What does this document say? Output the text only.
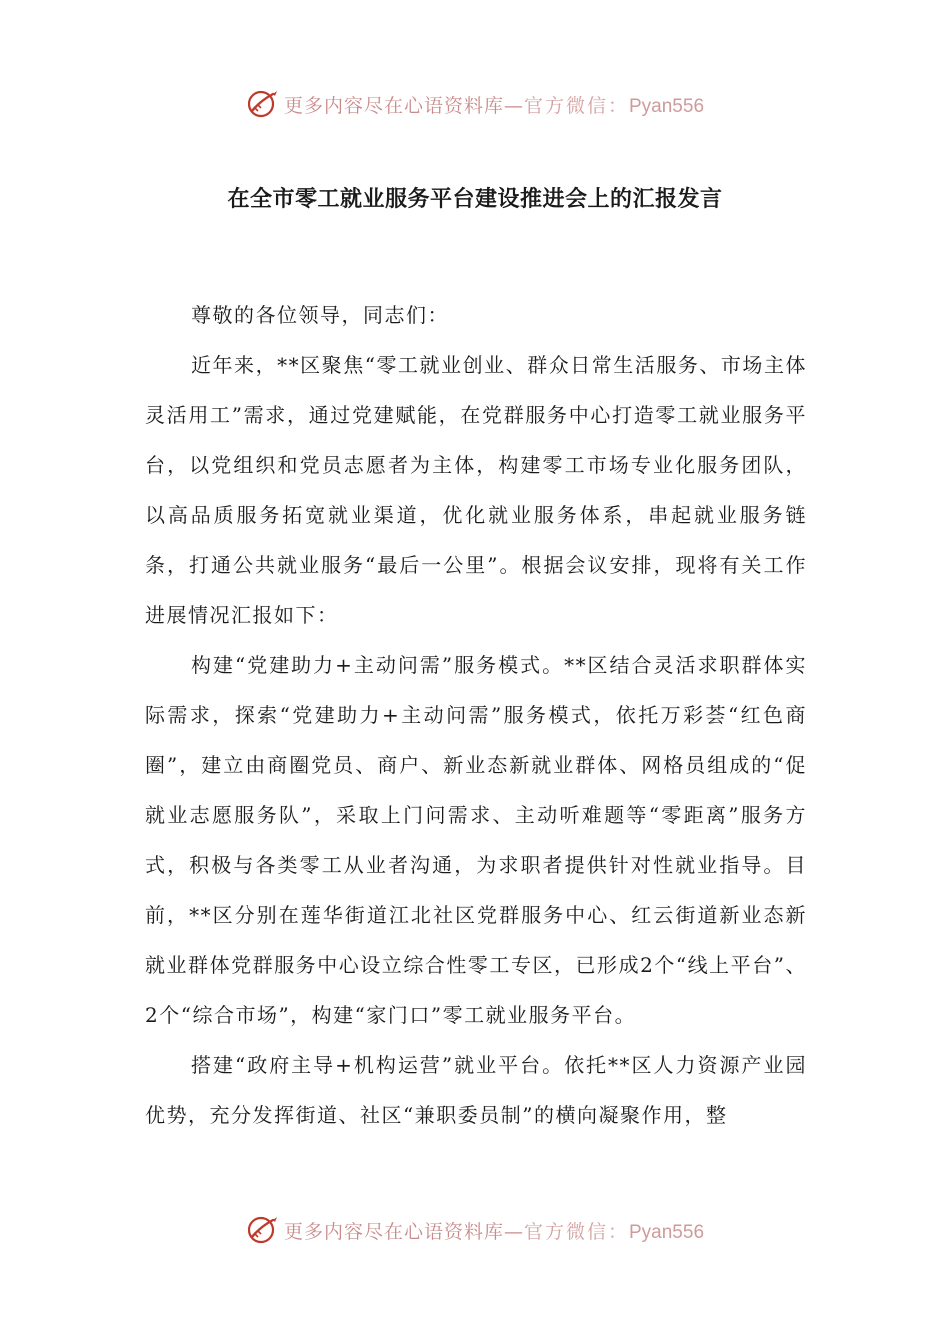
更多内容尽在心语资料库—官方微信：Pyan556
在全市零工就业服务平台建设推进会上的汇报发言

尊敬的各位领导，同志们：

近年来，**区聚焦“零工就业创业、群众日常生活服务、市场主体灵活用工”需求，通过党建赋能，在党群服务中心打造零工就业服务平台，以党组织和党员志愿者为主体，构建零工市场专业化服务团队，以高品质服务拓宽就业渠道，优化就业服务体系，串起就业服务链条，打通公共就业服务“最后一公里”。根据会议安排，现将有关工作进展情况汇报如下：

构建“党建助力+主动问需”服务模式。**区结合灵活求职群体实际需求，探索“党建助力+主动问需”服务模式，依托万彩荟“红色商圈”，建立由商圈党员、商户、新业态新就业群体、网格员组成的“促就业志愿服务队”，采取上门问需求、主动听难题等“零距离”服务方式，积极与各类零工从业者沟通，为求职者提供针对性就业指导。目前，**区分别在莲华街道江北社区党群服务中心、红云街道新业态新就业群体党群服务中心设立综合性零工专区，已形成2个“线上平台”、2个“综合市场”，构建“家门口”零工就业服务平台。

搭建“政府主导+机构运营”就业平台。依托**区人力资源产业园优势，充分发挥街道、社区“兼职委员制”的横向凝聚作用，整

更多内容尽在心语资料库—官方微信：Pyan556
